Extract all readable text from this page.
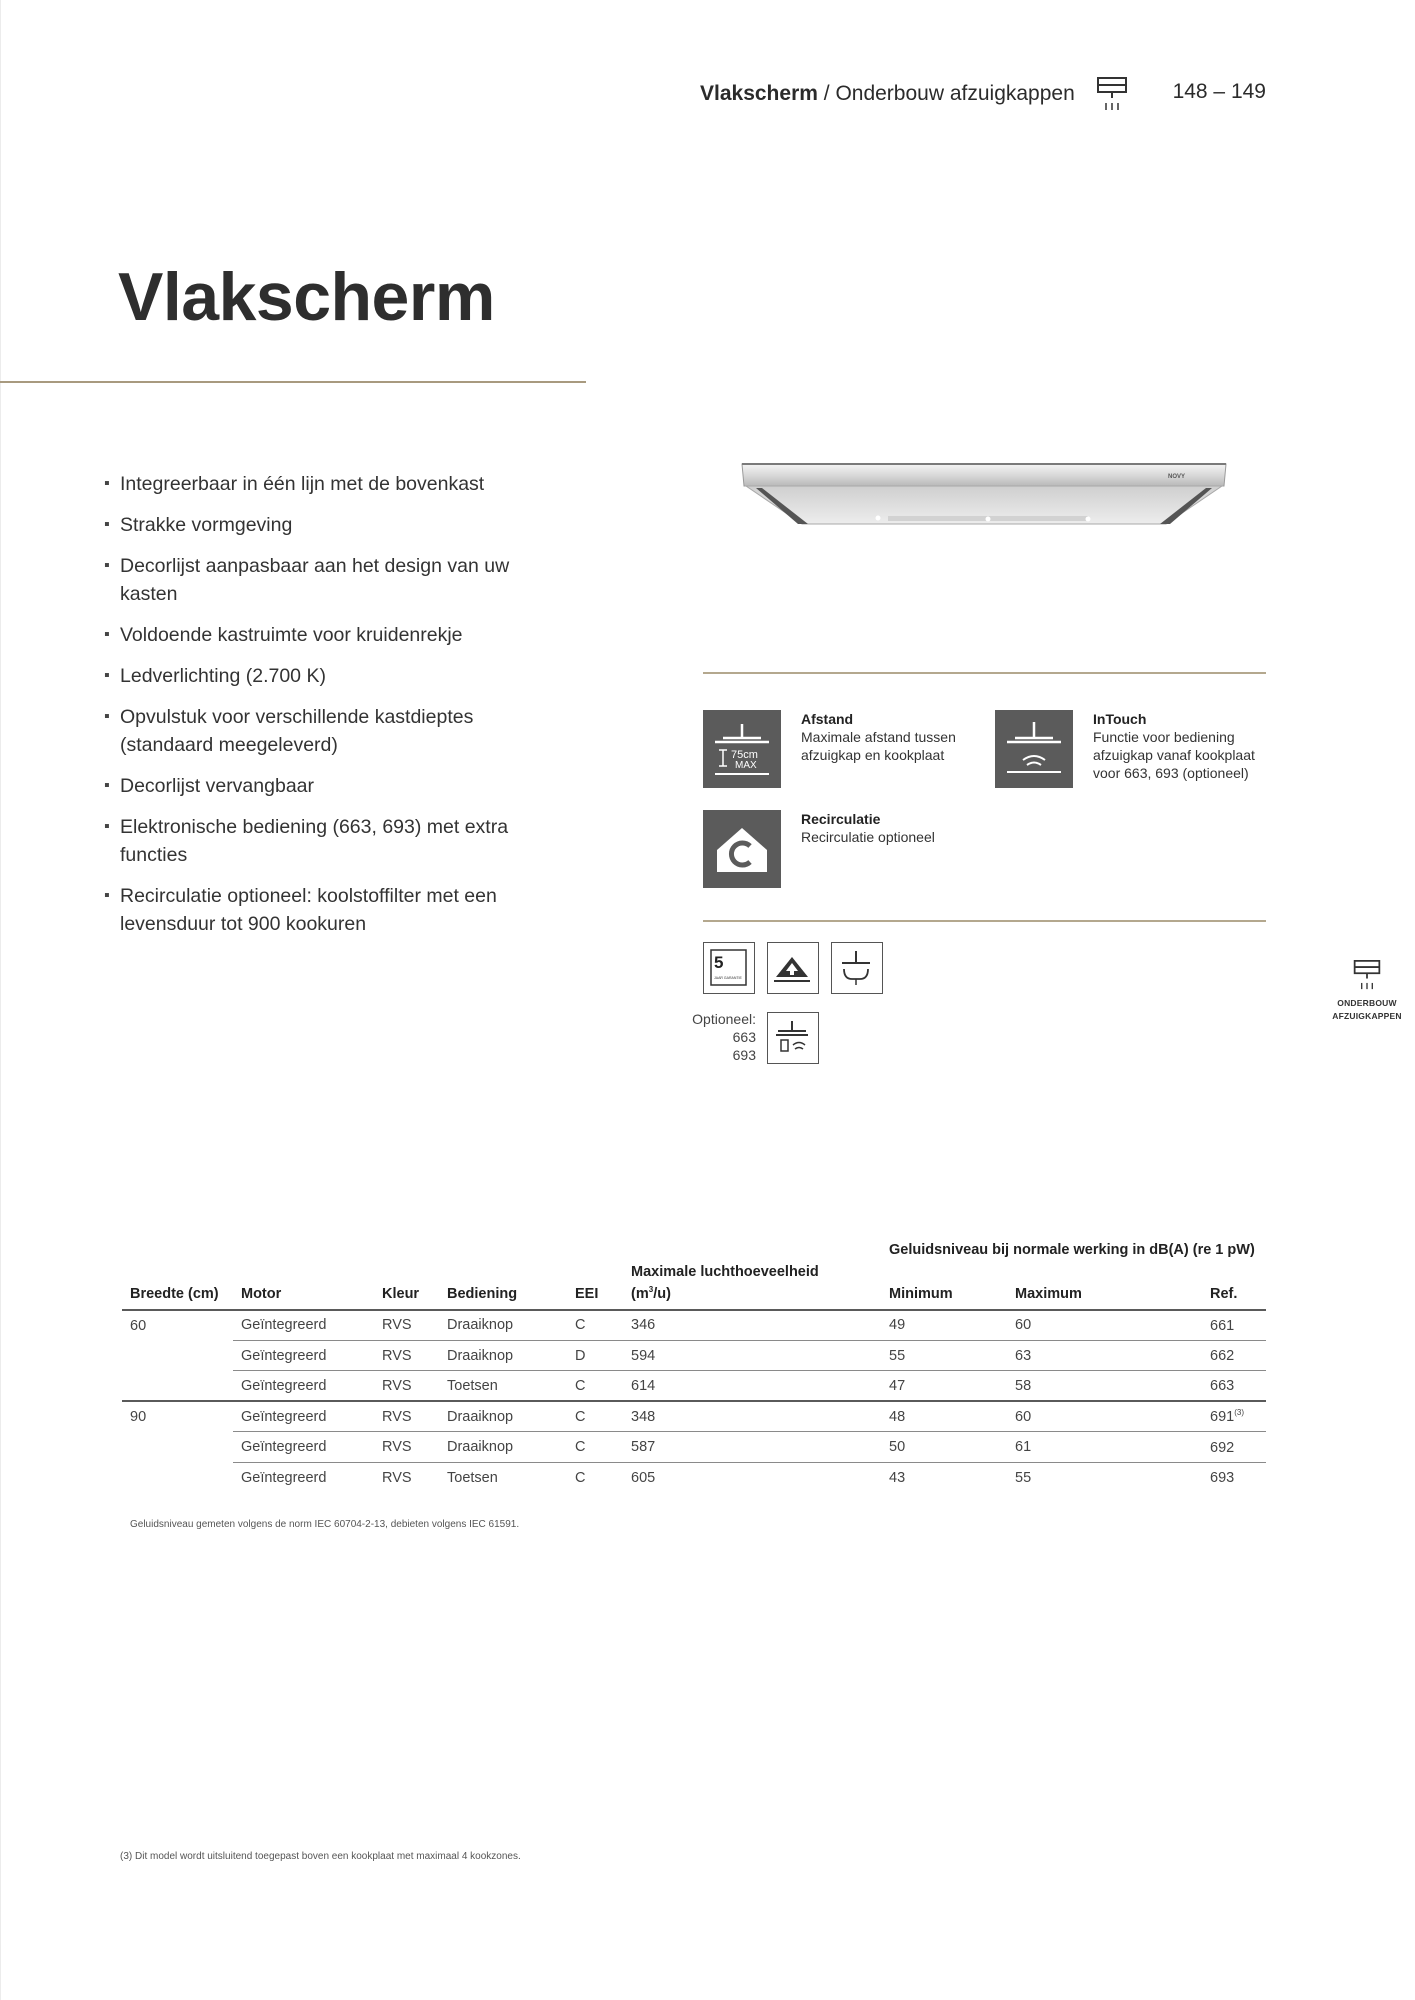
Vlakscherm / Onderbouw afzuigkappen	148 – 149
Vlakscherm
▪ Integreerbaar in één lijn met de bovenkast
▪ Strakke vormgeving
▪ Decorlijst aanpasbaar aan het design van uw kasten
▪ Voldoende kastruimte voor kruidenrekje
▪ Ledverlichting (2.700 K)
▪ Opvulstuk voor verschillende kastdieptes (standaard meegeleverd)
▪ Decorlijst vervangbaar
▪ Elektronische bediening (663, 693) met extra functies
▪ Recirculatie optioneel: koolstoffilter met een levensduur tot 900 kookuren
NOVY
75cm
MAX
Afstand
Maximale afstand tussen afzuigkap en kookplaat
InTouch
Functie voor bediening afzuigkap vanaf kookplaat voor 663, 693 (optioneel)
Recirculatie
Recirculatie optioneel
5
JAAR GARANTIE
Optioneel:
663
693
ONDERBOUW
AFZUIGKAPPEN
							Geluidsniveau bij normale werking in dB(A) (re 1 pW)		
Breedte (cm)	Motor	Kleur	Bediening	EEI	Maximale luchthoeveelheid
$(m^3/u)$		Minimum	Maximum	Ref.
60	Geïntegreerd	RVS	Draaiknop	C	346		49	60	661
	Geïntegreerd	RVS	Draaiknop	D	594		55	63	662
	Geïntegreerd	RVS	Toetsen	C	614		47	58	663
90	Geïntegreerd	RVS	Draaiknop	C	348		48	60	691$^{(3)}$
	Geïntegreerd	RVS	Draaiknop	C	587		50	61	692
	Geïntegreerd	RVS	Toetsen	C	605		43	55	693
Geluidsniveau gemeten volgens de norm IEC 60704-2-13, debieten volgens IEC 61591.
(3) Dit model wordt uitsluitend toegepast boven een kookplaat met maximaal 4 kookzones.
